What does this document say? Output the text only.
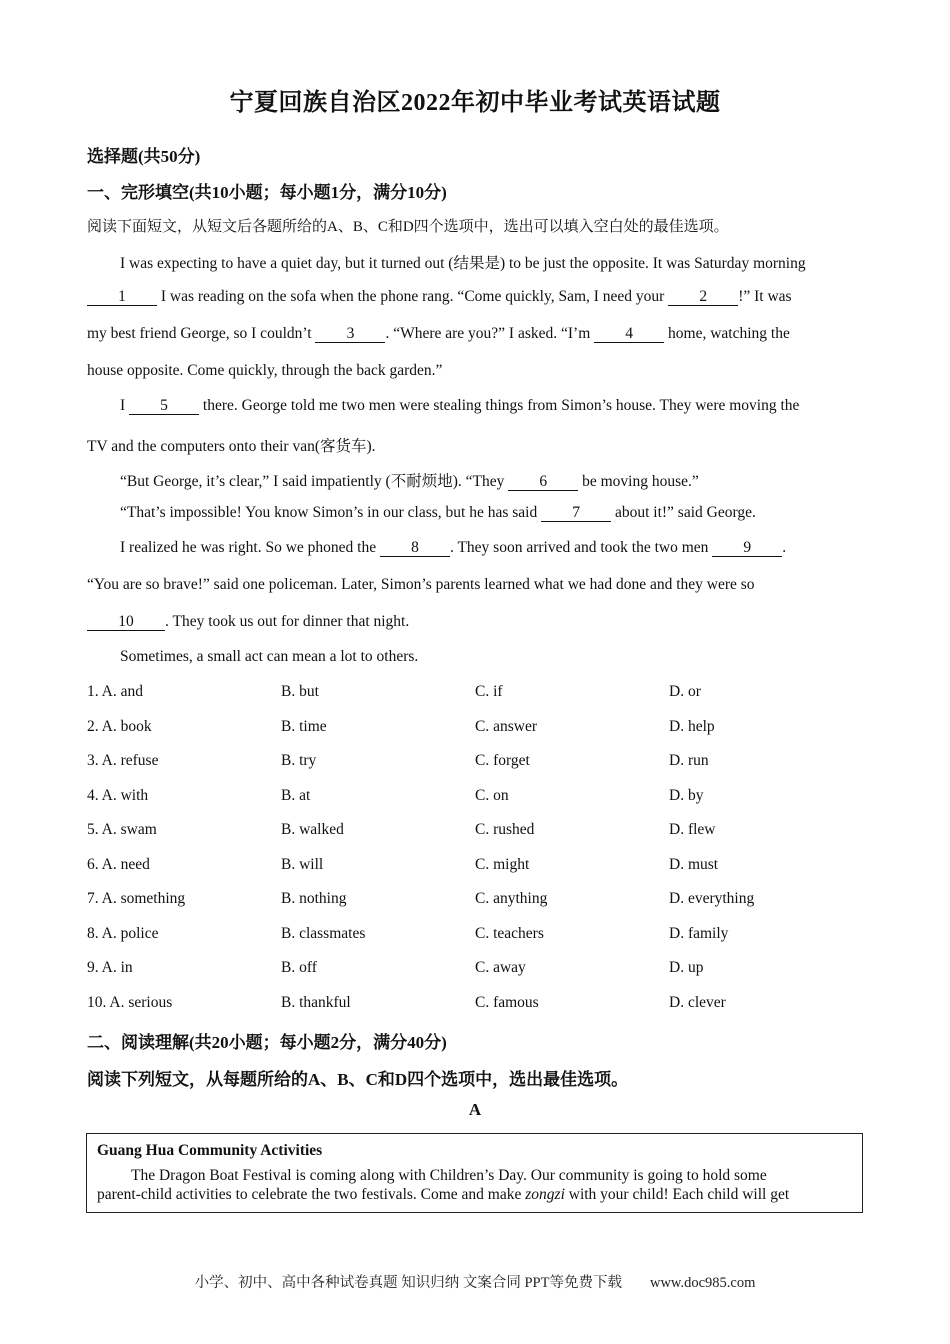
宁夏回族自治区2022年初中毕业考试英语试题
选择题(共50分)
一、完形填空(共10小题；每小题1分，满分10分)
阅读下面短文，从短文后各题所给的A、B、C和D四个选项中，选出可以填入空白处的最佳选项。
I was expecting to have a quiet day, but it turned out (结果是) to be just the opposite. It was Saturday morning
1 I was reading on the sofa when the phone rang. “Come quickly, Sam, I need your 2 !” It was
my best friend George, so I couldn’t 3 . “Where are you?” I asked. “I’m 4 home, watching the
house opposite. Come quickly, through the back garden.”
I 5 there. George told me two men were stealing things from Simon’s house. They were moving the
TV and the computers onto their van(客货车).
“But George, it’s clear,” I said impatiently (不耐烦地). “They 6 be moving house.”
“That’s impossible! You know Simon’s in our class, but he has said 7 about it!” said George.
I realized he was right. So we phoned the 8 . They soon arrived and took the two men 9 .
“You are so brave!” said one policeman. Later, Simon’s parents learned what we had done and they were so
10 . They took us out for dinner that night.
Sometimes, a small act can mean a lot to others.
1. A. and	B. but	C. if	D. or
2. A. book	B. time	C. answer	D. help
3. A. refuse	B. try	C. forget	D. run
4. A. with	B. at	C. on	D. by
5. A. swam	B. walked	C. rushed	D. flew
6. A. need	B. will	C. might	D. must
7. A. something	B. nothing	C. anything	D. everything
8. A. police	B. classmates	C. teachers	D. family
9. A. in	B. off	C. away	D. up
10. A. serious	B. thankful	C. famous	D. clever
二、阅读理解(共20小题；每小题2分，满分40分)
阅读下列短文，从每题所给的A、B、C和D四个选项中，选出最佳选项。
A
Guang Hua Community Activities
The Dragon Boat Festival is coming along with Children’s Day. Our community is going to hold some
parent-child activities to celebrate the two festivals. Come and make zongzi with your child! Each child will get
小学、初中、高中各种试卷真题 知识归纳 文案合同 PPT等免费下载 www.doc985.com
